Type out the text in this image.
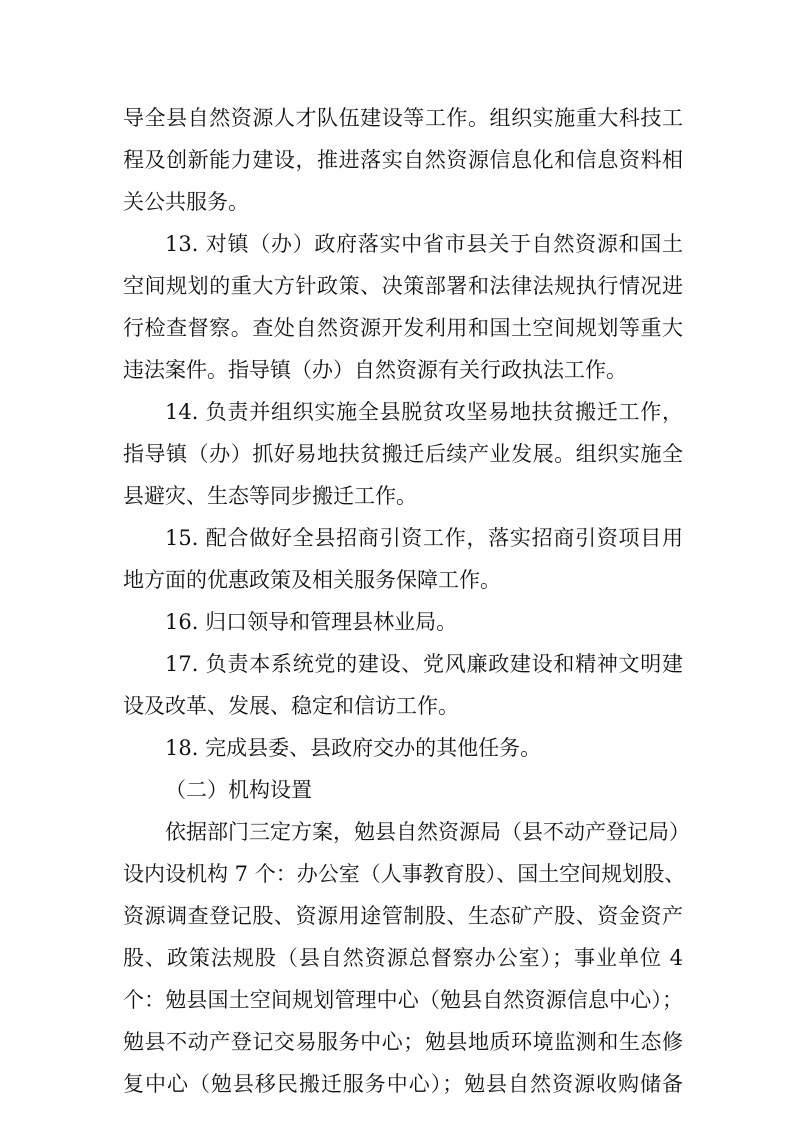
导全县自然资源人才队伍建设等工作。组织实施重大科技工
程及创新能力建设，推进落实自然资源信息化和信息资料相
关公共服务。
13. 对镇（办）政府落实中省市县关于自然资源和国土
空间规划的重大方针政策、决策部署和法律法规执行情况进
行检查督察。查处自然资源开发利用和国土空间规划等重大
违法案件。指导镇（办）自然资源有关行政执法工作。
14. 负责并组织实施全县脱贫攻坚易地扶贫搬迁工作，
指导镇（办）抓好易地扶贫搬迁后续产业发展。组织实施全
县避灾、生态等同步搬迁工作。
15. 配合做好全县招商引资工作，落实招商引资项目用
地方面的优惠政策及相关服务保障工作。
16. 归口领导和管理县林业局。
17. 负责本系统党的建设、党风廉政建设和精神文明建
设及改革、发展、稳定和信访工作。
18. 完成县委、县政府交办的其他任务。
（二）机构设置
依据部门三定方案，勉县自然资源局（县不动产登记局）
设内设机构 7 个：办公室（人事教育股）、国土空间规划股、
资源调查登记股、资源用途管制股、生态矿产股、资金资产
股、政策法规股（县自然资源总督察办公室）；事业单位 4
个：勉县国土空间规划管理中心（勉县自然资源信息中心）；
勉县不动产登记交易服务中心；勉县地质环境监测和生态修
复中心（勉县移民搬迁服务中心）；勉县自然资源收购储备
